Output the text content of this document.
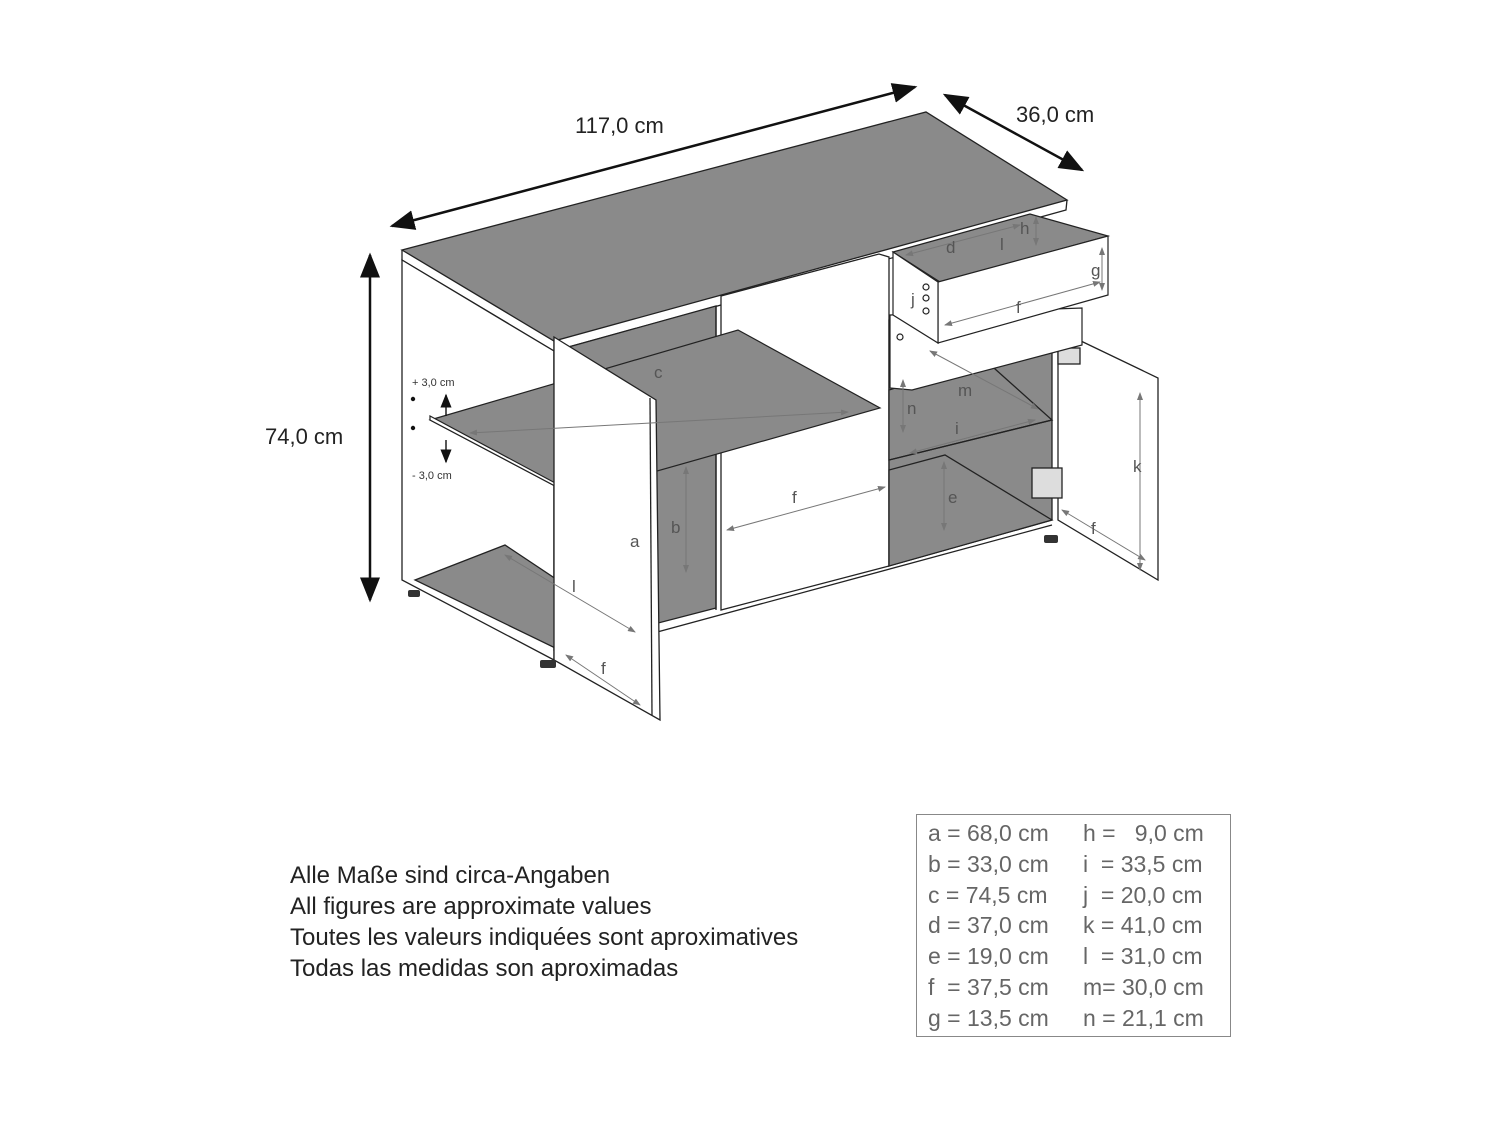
117,0 cm	36,0 cm
74,0 cm
+ 3,0 cm
- 3,0 cm
c
a
b
l
f
f	e
n
i
m
d	l
h
g
f
j
k
f
Alle Maße sind circa-Angaben
All figures are approximate values
Toutes les valeurs indiquées sont aproximatives
Todas las medidas son aproximadas
a = 68,0 cm	h =   9,0 cm
b = 33,0 cm	i  = 33,5 cm
c = 74,5 cm	j  = 20,0 cm
d = 37,0 cm	k = 41,0 cm
e = 19,0 cm	l  = 31,0 cm
f  = 37,5 cm	m= 30,0 cm
g = 13,5 cm	n = 21,1 cm
